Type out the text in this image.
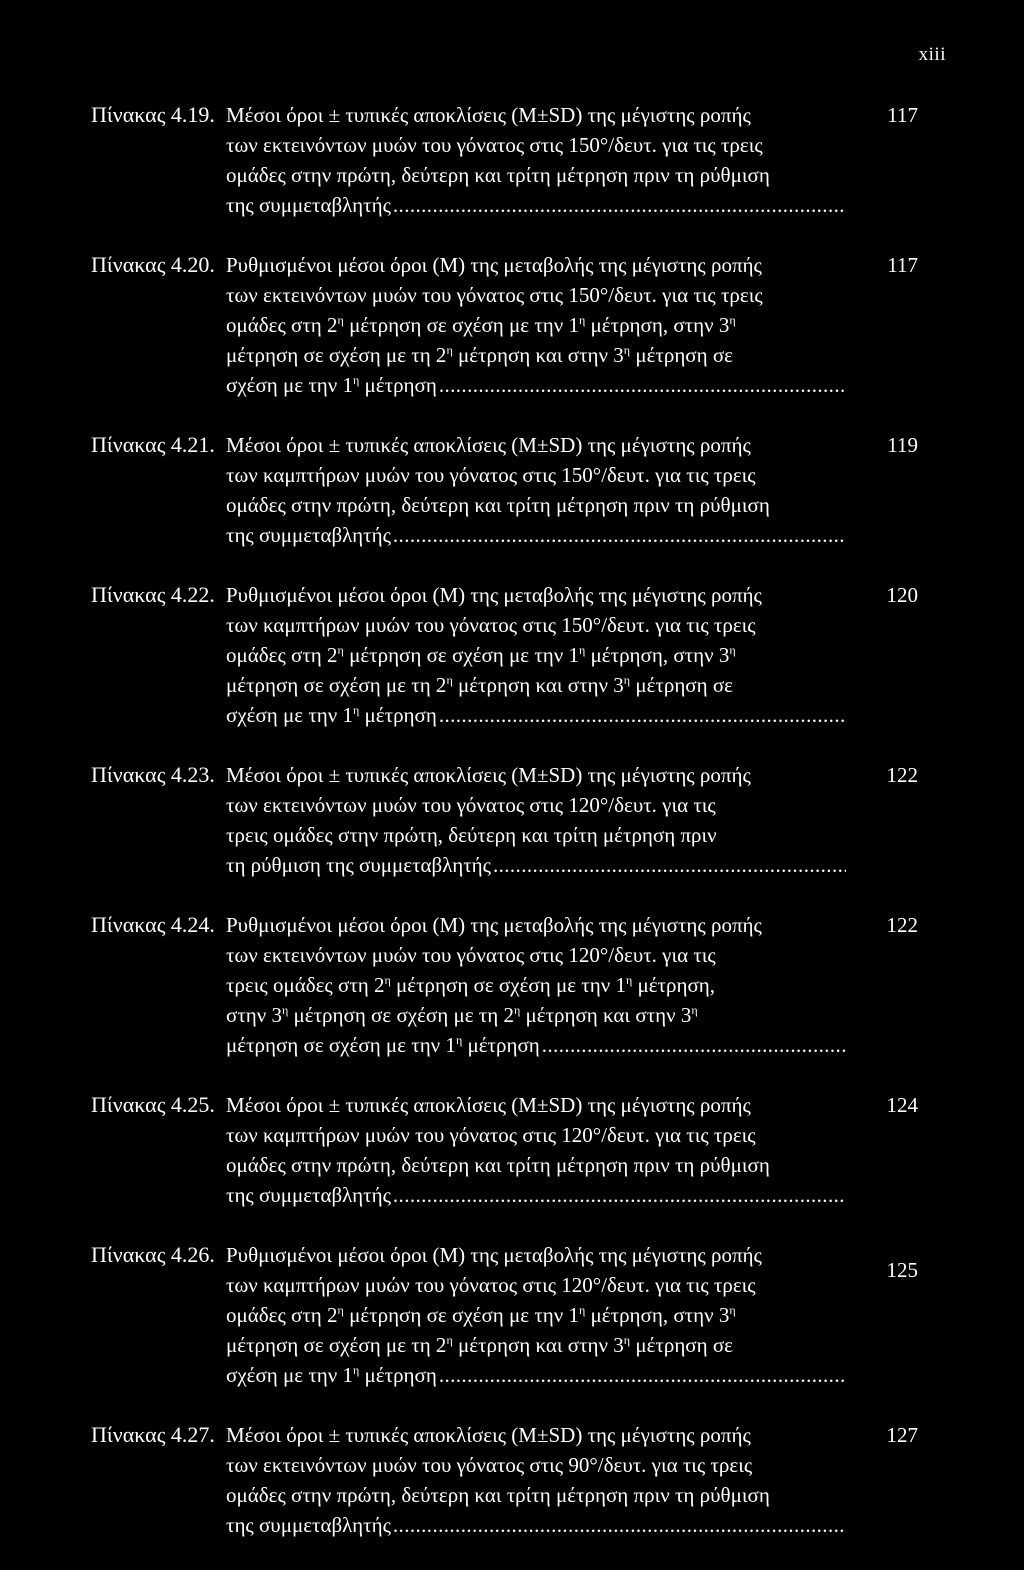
xiii
Πίνακας 4.19. Μέσοι όροι ± τυπικές αποκλίσεις (Μ±SD) της μέγιστης ροπής
των εκτεινόντων μυών του γόνατος στις 150°/δευτ. για τις τρεις
ομάδες στην πρώτη, δεύτερη και τρίτη μέτρηση πριν τη ρύθμιση
της συμμεταβλητής
.....
117
Πίνακας 4.20. Ρυθμισμένοι μέσοι όροι (Μ) της μεταβολής της μέγιστης ροπής
των εκτεινόντων μυών του γόνατος στις 150°/δευτ. για τις τρεις
ομάδες στη $2^\eta$ μέτρηση σε σχέση με την $1^\eta$ μέτρηση, στην $3^\eta$
μέτρηση σε σχέση με τη $2^\eta$ μέτρηση και στην $3^\eta$ μέτρηση σε
σχέση με την $1^\eta$ μέτρηση
.....
117
Πίνακας 4.21. Μέσοι όροι ± τυπικές αποκλίσεις (Μ±SD) της μέγιστης ροπής
των καμπτήρων μυών του γόνατος στις 150°/δευτ. για τις τρεις
ομάδες στην πρώτη, δεύτερη και τρίτη μέτρηση πριν τη ρύθμιση
της συμμεταβλητής
.....
119
Πίνακας 4.22. Ρυθμισμένοι μέσοι όροι (Μ) της μεταβολής της μέγιστης ροπής
των καμπτήρων μυών του γόνατος στις 150°/δευτ. για τις τρεις
ομάδες στη $2^\eta$ μέτρηση σε σχέση με την $1^\eta$ μέτρηση, στην $3^\eta$
μέτρηση σε σχέση με τη $2^\eta$ μέτρηση και στην $3^\eta$ μέτρηση σε
σχέση με την $1^\eta$ μέτρηση
.....
120
Πίνακας 4.23. Μέσοι όροι ± τυπικές αποκλίσεις (Μ±SD) της μέγιστης ροπής
των εκτεινόντων μυών του γόνατος στις 120°/δευτ. για τις
τρεις ομάδες στην πρώτη, δεύτερη και τρίτη μέτρηση πριν
τη ρύθμιση της συμμεταβλητής
.....
122
Πίνακας 4.24. Ρυθμισμένοι μέσοι όροι (Μ) της μεταβολής της μέγιστης ροπής
των εκτεινόντων μυών του γόνατος στις 120°/δευτ. για τις
τρεις ομάδες στη $2^\eta$ μέτρηση σε σχέση με την $1^\eta$ μέτρηση,
στην $3^\eta$ μέτρηση σε σχέση με τη $2^\eta$ μέτρηση και στην $3^\eta$
μέτρηση σε σχέση με την $1^\eta$ μέτρηση
.....
122
Πίνακας 4.25. Μέσοι όροι ± τυπικές αποκλίσεις (Μ±SD) της μέγιστης ροπής
των καμπτήρων μυών του γόνατος στις 120°/δευτ. για τις τρεις
ομάδες στην πρώτη, δεύτερη και τρίτη μέτρηση πριν τη ρύθμιση
της συμμεταβλητής
.....
124
Πίνακας 4.26. Ρυθμισμένοι μέσοι όροι (Μ) της μεταβολής της μέγιστης ροπής
των καμπτήρων μυών του γόνατος στις 120°/δευτ. για τις τρεις
ομάδες στη $2^\eta$ μέτρηση σε σχέση με την $1^\eta$ μέτρηση, στην $3^\eta$
μέτρηση σε σχέση με τη $2^\eta$ μέτρηση και στην $3^\eta$ μέτρηση σε
σχέση με την $1^\eta$ μέτρηση
.....
125
Πίνακας 4.27. Μέσοι όροι ± τυπικές αποκλίσεις (Μ±SD) της μέγιστης ροπής
των εκτεινόντων μυών του γόνατος στις 90°/δευτ. για τις τρεις
ομάδες στην πρώτη, δεύτερη και τρίτη μέτρηση πριν τη ρύθμιση
της συμμεταβλητής
.....
127
